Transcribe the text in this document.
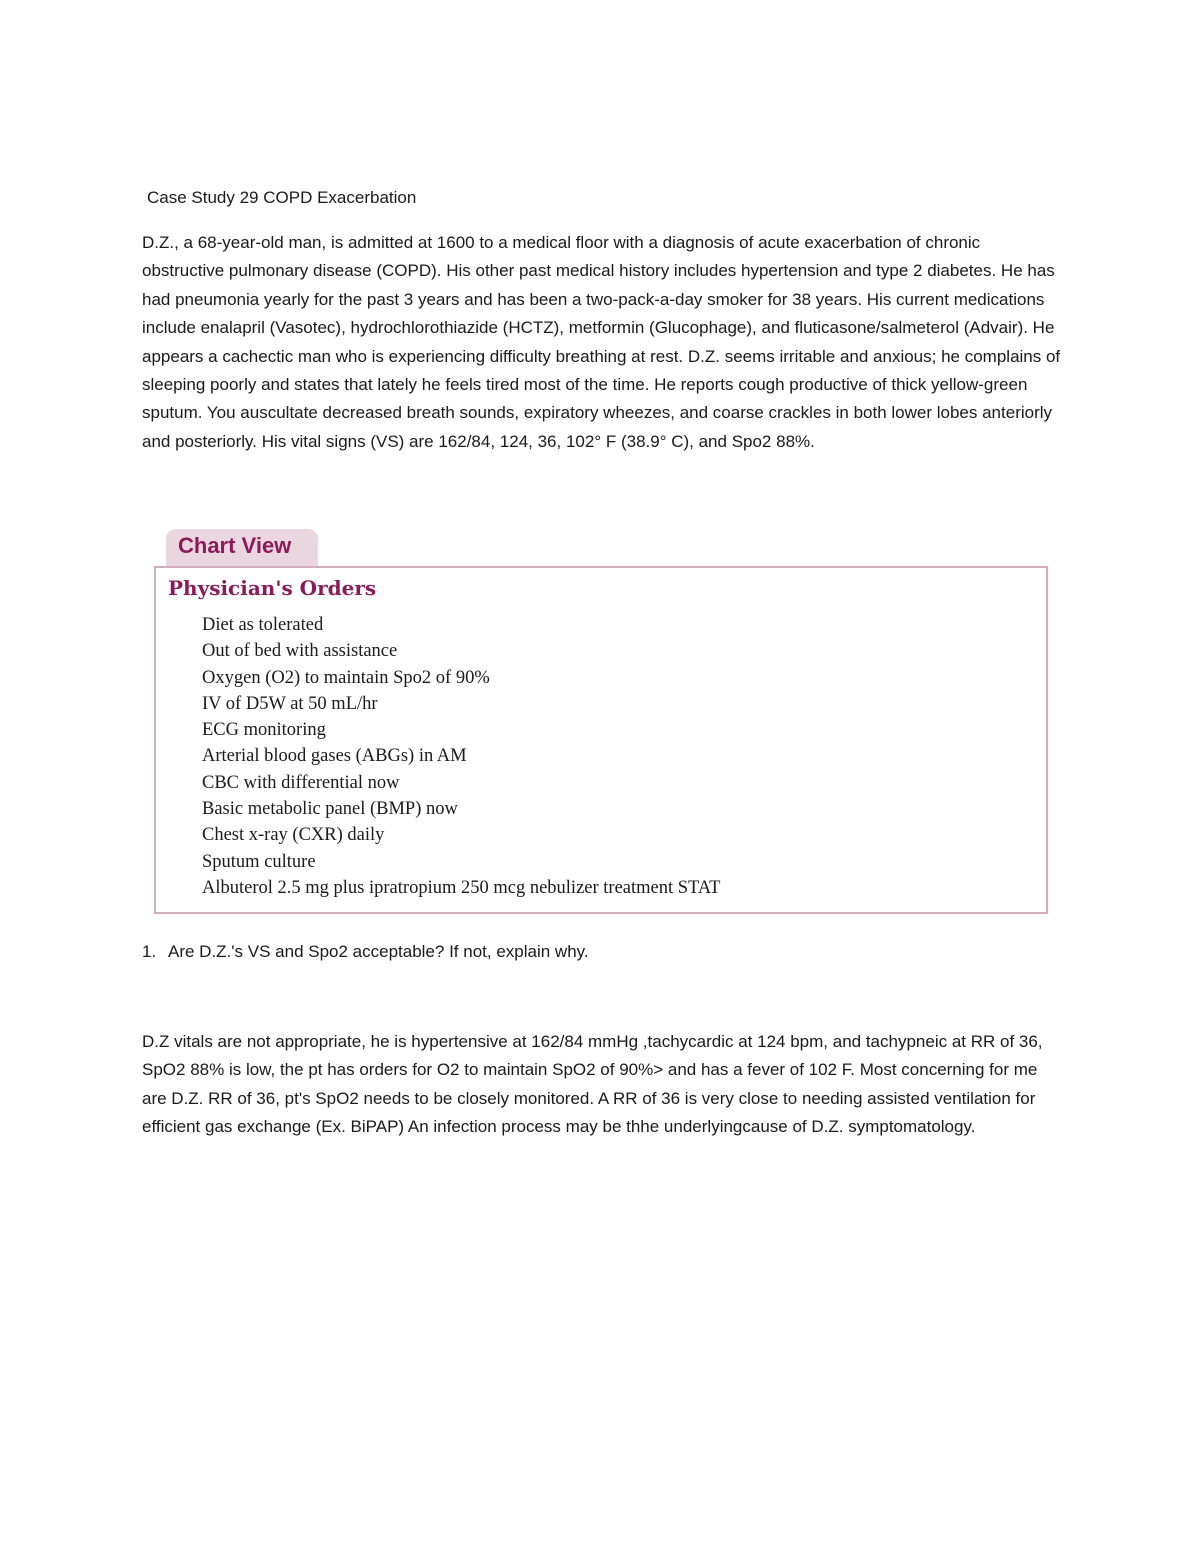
Case Study 29 COPD Exacerbation

D.Z., a 68-year-old man, is admitted at 1600 to a medical floor with a diagnosis of acute exacerbation of chronic obstructive pulmonary disease (COPD). His other past medical history includes hypertension and type 2 diabetes. He has had pneumonia yearly for the past 3 years and has been a two-pack-a-day smoker for 38 years. His current medications include enalapril (Vasotec), hydrochlorothiazide (HCTZ), metformin (Glucophage), and fluticasone/salmeterol (Advair). He appears a cachectic man who is experiencing difficulty breathing at rest. D.Z. seems irritable and anxious; he complains of sleeping poorly and states that lately he feels tired most of the time. He reports cough productive of thick yellow-green sputum. You auscultate decreased breath sounds, expiratory wheezes, and coarse crackles in both lower lobes anteriorly and posteriorly. His vital signs (VS) are 162/84, 124, 36, 102° F (38.9° C), and Spo2 88%.

Chart View
Physician's Orders
Diet as tolerated
Out of bed with assistance
Oxygen (O2) to maintain Spo2 of 90%
IV of D5W at 50 mL/hr
ECG monitoring
Arterial blood gases (ABGs) in AM
CBC with differential now
Basic metabolic panel (BMP) now
Chest x-ray (CXR) daily
Sputum culture
Albuterol 2.5 mg plus ipratropium 250 mcg nebulizer treatment STAT
1. Are D.Z.'s VS and Spo2 acceptable? If not, explain why.

D.Z vitals are not appropriate, he is hypertensive at 162/84 mmHg ,tachycardic at 124 bpm, and tachypneic at RR of 36, SpO2 88% is low, the pt has orders for O2 to maintain SpO2 of 90%> and has a fever of 102 F. Most concerning for me are D.Z. RR of 36, pt's SpO2 needs to be closely monitored. A RR of 36 is very close to needing assisted ventilation for efficient gas exchange (Ex. BiPAP) An infection process may be thhe underlyingcause of D.Z. symptomatology.
